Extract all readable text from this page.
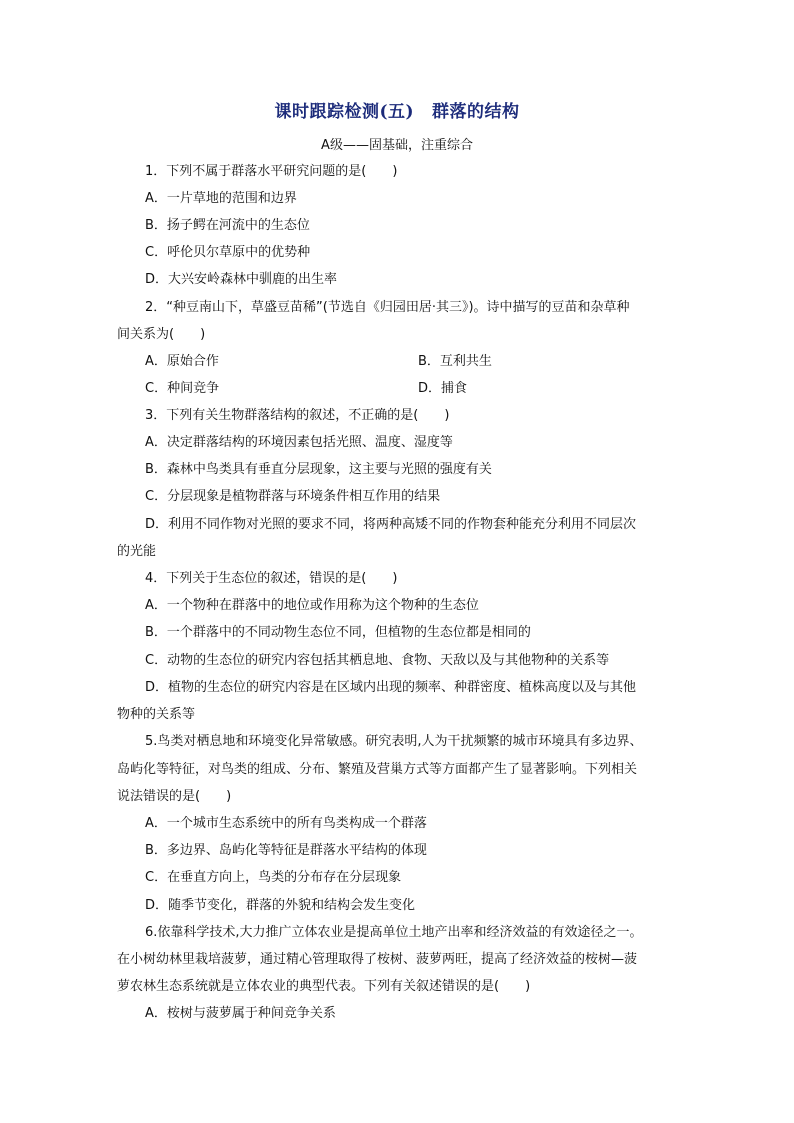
课时跟踪检测(五) 群落的结构
A级——固基础，注重综合
1．下列不属于群落水平研究问题的是(　　)
A．一片草地的范围和边界
B．扬子鳄在河流中的生态位
C．呼伦贝尔草原中的优势种
D．大兴安岭森林中驯鹿的出生率
2．“种豆南山下，草盛豆苗稀”(节选自《归园田居·其三》)。诗中描写的豆苗和杂草种
间关系为(　　)
A．原始合作	B．互利共生
C．种间竞争	D．捕食
3．下列有关生物群落结构的叙述，不正确的是(　　)
A．决定群落结构的环境因素包括光照、温度、湿度等
B．森林中鸟类具有垂直分层现象，这主要与光照的强度有关
C．分层现象是植物群落与环境条件相互作用的结果
D．利用不同作物对光照的要求不同，将两种高矮不同的作物套种能充分利用不同层次
的光能
4．下列关于生态位的叙述，错误的是(　　)
A．一个物种在群落中的地位或作用称为这个物种的生态位
B．一个群落中的不同动物生态位不同，但植物的生态位都是相同的
C．动物的生态位的研究内容包括其栖息地、食物、天敌以及与其他物种的关系等
D．植物的生态位的研究内容是在区域内出现的频率、种群密度、植株高度以及与其他
物种的关系等
5.鸟类对栖息地和环境变化异常敏感。研究表明,人为干扰频繁的城市环境具有多边界、
岛屿化等特征，对鸟类的组成、分布、繁殖及营巢方式等方面都产生了显著影响。下列相关
说法错误的是(　　)
A．一个城市生态系统中的所有鸟类构成一个群落
B．多边界、岛屿化等特征是群落水平结构的体现
C．在垂直方向上，鸟类的分布存在分层现象
D．随季节变化，群落的外貌和结构会发生变化
6.依靠科学技术,大力推广立体农业是提高单位土地产出率和经济效益的有效途径之一。
在小树幼林里栽培菠萝，通过精心管理取得了桉树、菠萝两旺，提高了经济效益的桉树—菠
萝农林生态系统就是立体农业的典型代表。下列有关叙述错误的是(　　)
A．桉树与菠萝属于种间竞争关系
